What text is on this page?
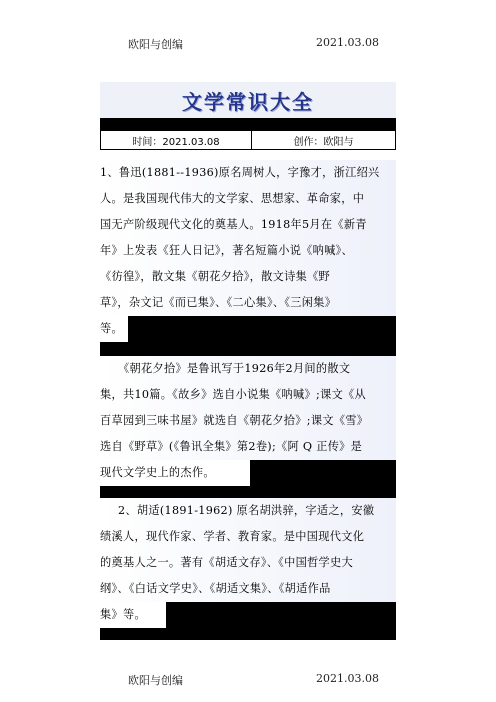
欧阳与创编	2021.03.08
文学常识大全
时间：2021.03.08	创作：欧阳与
1、鲁迅(1881--1936)原名周树人，字豫才，浙江绍兴
人。是我国现代伟大的文学家、思想家、革命家，中
国无产阶级现代文化的奠基人。1918年5月在《新青
年》上发表《狂人日记》，著名短篇小说《呐喊》、
《彷徨》，散文集《朝花夕拾》，散文诗集《野
草》，杂文记《而已集》、《二心集》、《三闲集》
等。
《朝花夕拾》是鲁讯写于1926年2月间的散文
集，共10篇。《故乡》选自小说集《呐喊》;课文《从
百草园到三味书屋》就选自《朝花夕拾》;课文《雪》
选自《野草》(《鲁讯全集》第2卷);《阿 Q 正传》是
现代文学史上的杰作。
2、胡适(1891-1962) 原名胡洪骍，字适之，安徽
绩溪人，现代作家、学者、教育家。是中国现代文化
的奠基人之一。著有《胡适文存》、《中国哲学史大
纲》、《白话文学史》、《胡适文集》、《胡适作品
集》等。
欧阳与创编	2021.03.08
